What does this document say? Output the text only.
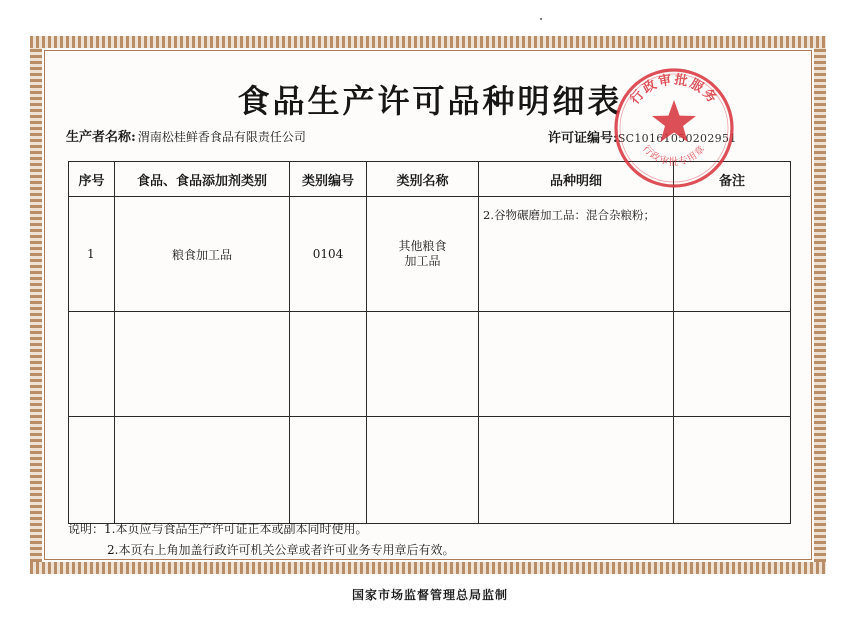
食品生产许可品种明细表
生产者名称: 渭南松桂鲜香食品有限责任公司	许可证编号:SC10161050202951
序号	食品、食品添加剂类别	类别编号	类别名称	品种明细	备注
1	粮食加工品	0104	其他粮食加工品	2.谷物碾磨加工品：混合杂粮粉；	

说明：1.本页应与食品生产许可证正本或副本同时使用。
2.本页右上角加盖行政许可机关公章或者许可业务专用章后有效。
国家市场监督管理总局监制
行政审批服务
行政审批专用章
